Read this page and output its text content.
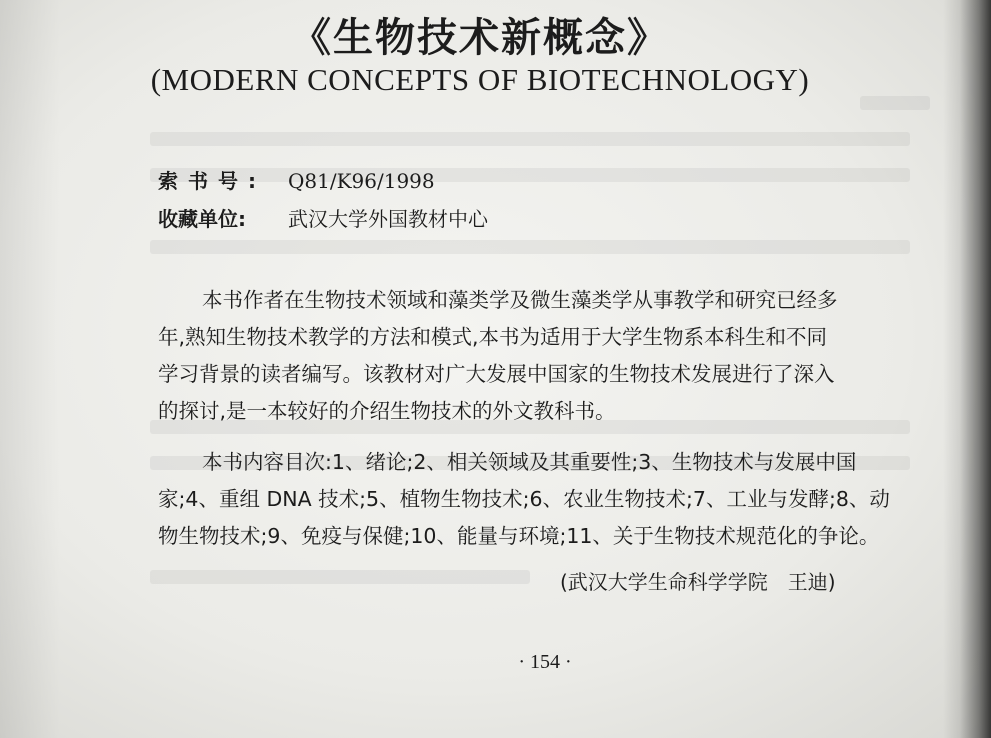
《生物技术新概念》
(MODERN CONCEPTS OF BIOTECHNOLOGY)
索书号: Q81/K96/1998
收藏单位: 武汉大学外国教材中心
本书作者在生物技术领域和藻类学及微生藻类学从事教学和研究已经多
年,熟知生物技术教学的方法和模式,本书为适用于大学生物系本科生和不同
学习背景的读者编写。该教材对广大发展中国家的生物技术发展进行了深入
的探讨,是一本较好的介绍生物技术的外文教科书。
本书内容目次:1、绪论;2、相关领域及其重要性;3、生物技术与发展中国
家;4、重组 DNA 技术;5、植物生物技术;6、农业生物技术;7、工业与发酵;8、动
物生物技术;9、免疫与保健;10、能量与环境;11、关于生物技术规范化的争论。
(武汉大学生命科学学院　王迪)
· 154 ·
